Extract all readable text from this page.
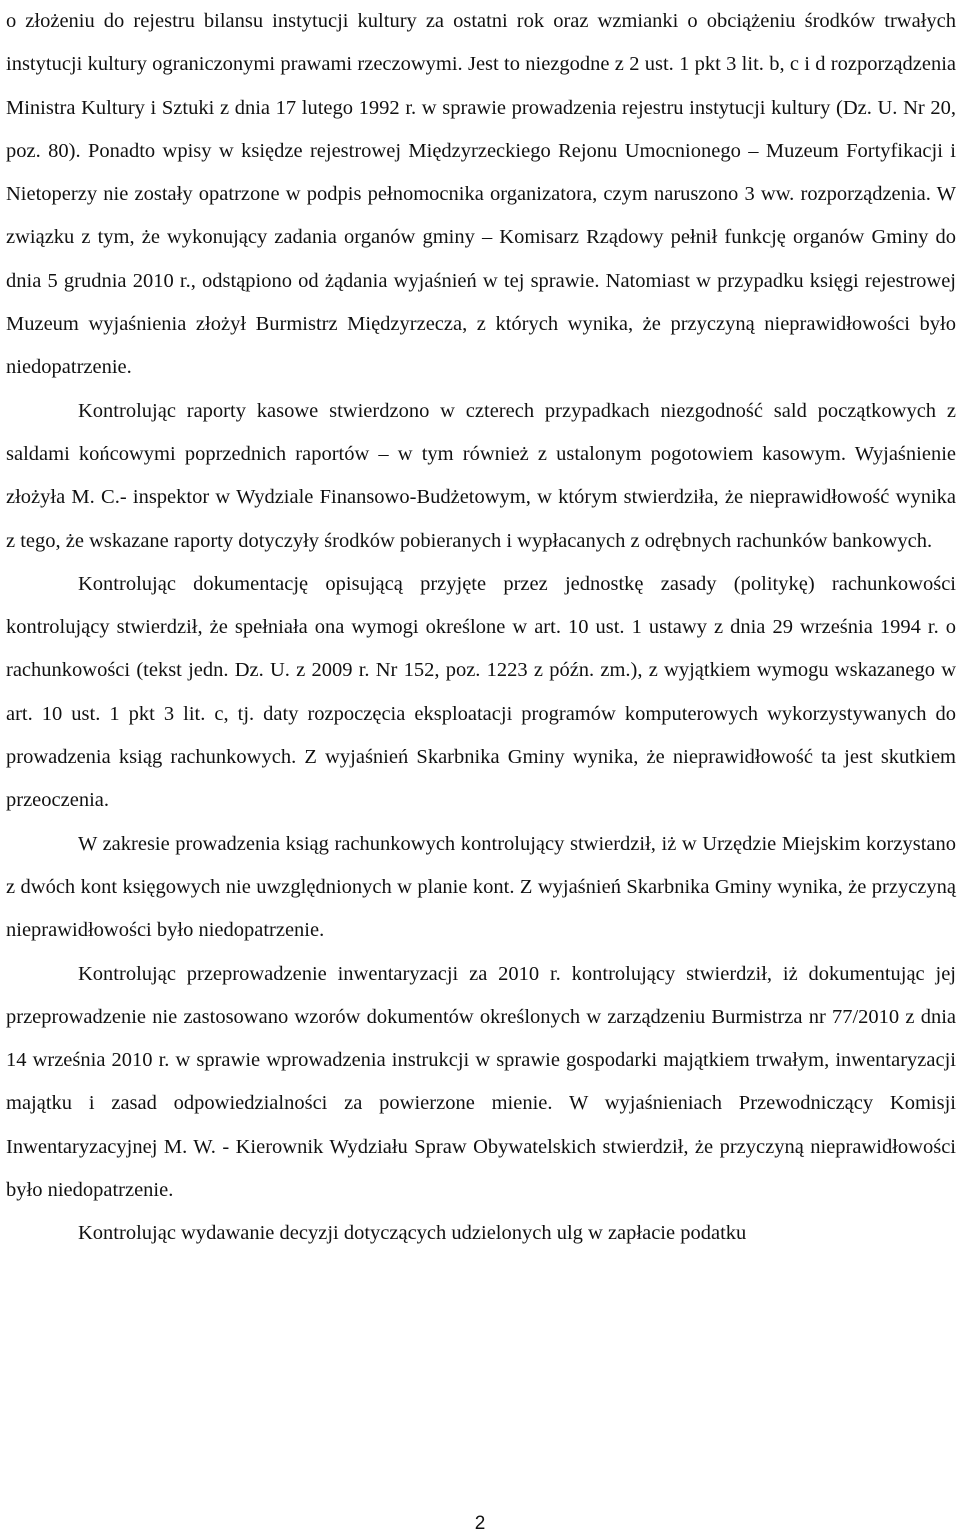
o złożeniu do rejestru bilansu instytucji kultury za ostatni rok oraz wzmianki o obciążeniu środków trwałych instytucji kultury ograniczonymi prawami rzeczowymi. Jest to niezgodne z 2 ust. 1 pkt 3 lit. b, c i d rozporządzenia Ministra Kultury i Sztuki z dnia 17 lutego 1992 r. w sprawie prowadzenia rejestru instytucji kultury (Dz. U. Nr 20, poz. 80). Ponadto wpisy w księdze rejestrowej Międzyrzeckiego Rejonu Umocnionego – Muzeum Fortyfikacji i Nietoperzy nie zostały opatrzone w podpis pełnomocnika organizatora, czym naruszono 3 ww. rozporządzenia. W związku z tym, że wykonujący zadania organów gminy – Komisarz Rządowy pełnił funkcję organów Gminy do dnia 5 grudnia 2010 r., odstąpiono od żądania wyjaśnień w tej sprawie. Natomiast w przypadku księgi rejestrowej Muzeum wyjaśnienia złożył Burmistrz Międzyrzecza, z których wynika, że przyczyną nieprawidłowości było niedopatrzenie.

Kontrolując raporty kasowe stwierdzono w czterech przypadkach niezgodność sald początkowych z saldami końcowymi poprzednich raportów – w tym również z ustalonym pogotowiem kasowym. Wyjaśnienie złożyła M. C.- inspektor w Wydziale Finansowo-Budżetowym, w którym stwierdziła, że nieprawidłowość wynika z tego, że wskazane raporty dotyczyły środków pobieranych i wypłacanych z odrębnych rachunków bankowych.

Kontrolując dokumentację opisującą przyjęte przez jednostkę zasady (politykę) rachunkowości kontrolujący stwierdził, że spełniała ona wymogi określone w art. 10 ust. 1 ustawy z dnia 29 września 1994 r. o rachunkowości (tekst jedn. Dz. U. z 2009 r. Nr 152, poz. 1223 z późn. zm.), z wyjątkiem wymogu wskazanego w art. 10 ust. 1 pkt 3 lit. c, tj. daty rozpoczęcia eksploatacji programów komputerowych wykorzystywanych do prowadzenia ksiąg rachunkowych. Z wyjaśnień Skarbnika Gminy wynika, że nieprawidłowość ta jest skutkiem przeoczenia.

W zakresie prowadzenia ksiąg rachunkowych kontrolujący stwierdził, iż w Urzędzie Miejskim korzystano z dwóch kont księgowych nie uwzględnionych w planie kont. Z wyjaśnień Skarbnika Gminy wynika, że przyczyną nieprawidłowości było niedopatrzenie.

Kontrolując przeprowadzenie inwentaryzacji za 2010 r. kontrolujący stwierdził, iż dokumentując jej przeprowadzenie nie zastosowano wzorów dokumentów określonych w zarządzeniu Burmistrza nr 77/2010 z dnia 14 września 2010 r. w sprawie wprowadzenia instrukcji w sprawie gospodarki majątkiem trwałym, inwentaryzacji majątku i zasad odpowiedzialności za powierzone mienie. W wyjaśnieniach Przewodniczący Komisji Inwentaryzacyjnej M. W. - Kierownik Wydziału Spraw Obywatelskich stwierdził, że przyczyną nieprawidłowości było niedopatrzenie.

Kontrolując wydawanie decyzji dotyczących udzielonych ulg w zapłacie podatku

2
